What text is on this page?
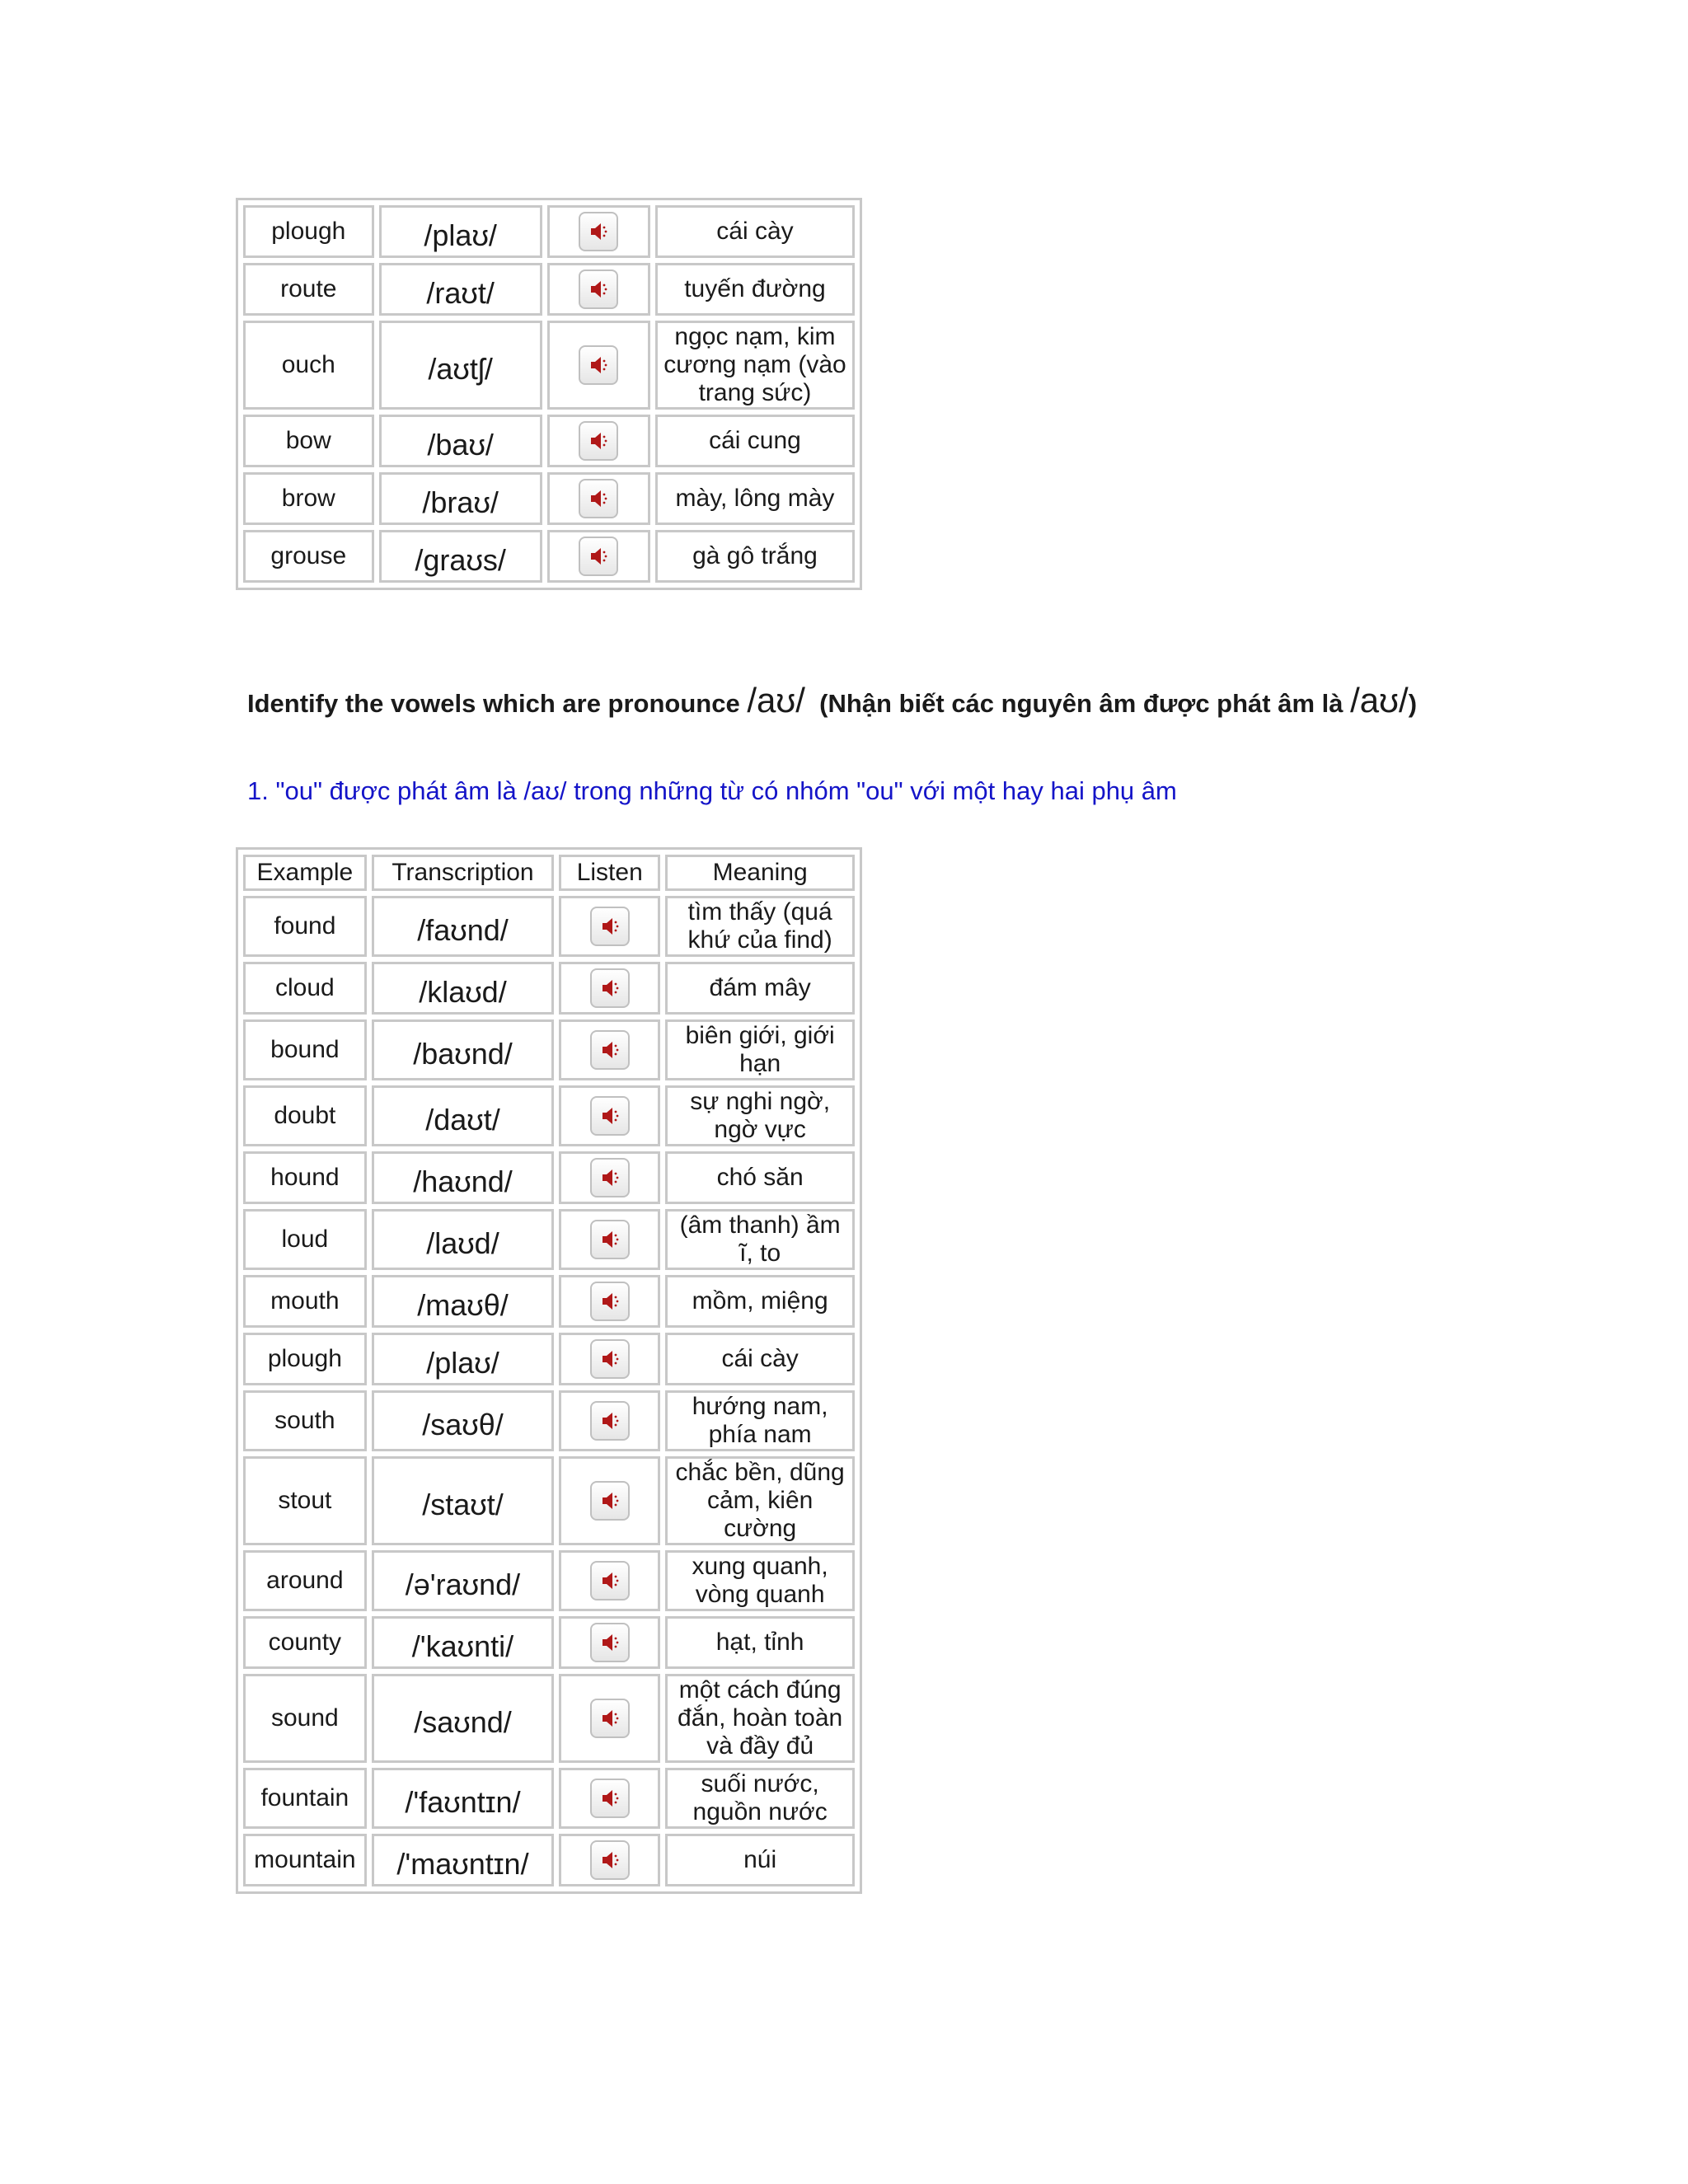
plough	/plaʊ/		cái cày
route	/raʊt/		tuyến đường
ouch	/aʊtʃ/		ngọc nạm, kim cương nạm (vào trang sức)
bow	/baʊ/		cái cung
brow	/braʊ/		mày, lông mày
grouse	/graʊs/		gà gô trắng
Identify the vowels which are pronounce /aʊ/ (Nhận biết các nguyên âm được phát âm là /aʊ/)
1. "ou" được phát âm là /aʊ/ trong những từ có nhóm "ou" với một hay hai phụ âm
Example	Transcription	Listen	Meaning
found	/faʊnd/		tìm thấy (quá khứ của find)
cloud	/klaʊd/		đám mây
bound	/baʊnd/		biên giới, giới hạn
doubt	/daʊt/		sự nghi ngờ, ngờ vực
hound	/haʊnd/		chó săn
loud	/laʊd/		(âm thanh) ầm ĩ, to
mouth	/maʊθ/		mồm, miệng
plough	/plaʊ/		cái cày
south	/saʊθ/		hướng nam, phía nam
stout	/staʊt/		chắc bền, dũng cảm, kiên cường
around	/ə'raʊnd/		xung quanh, vòng quanh
county	/'kaʊnti/		hạt, tỉnh
sound	/saʊnd/		một cách đúng đắn, hoàn toàn và đầy đủ
fountain	/'faʊntɪn/		suối nước, nguồn nước
mountain	/'maʊntɪn/		núi
